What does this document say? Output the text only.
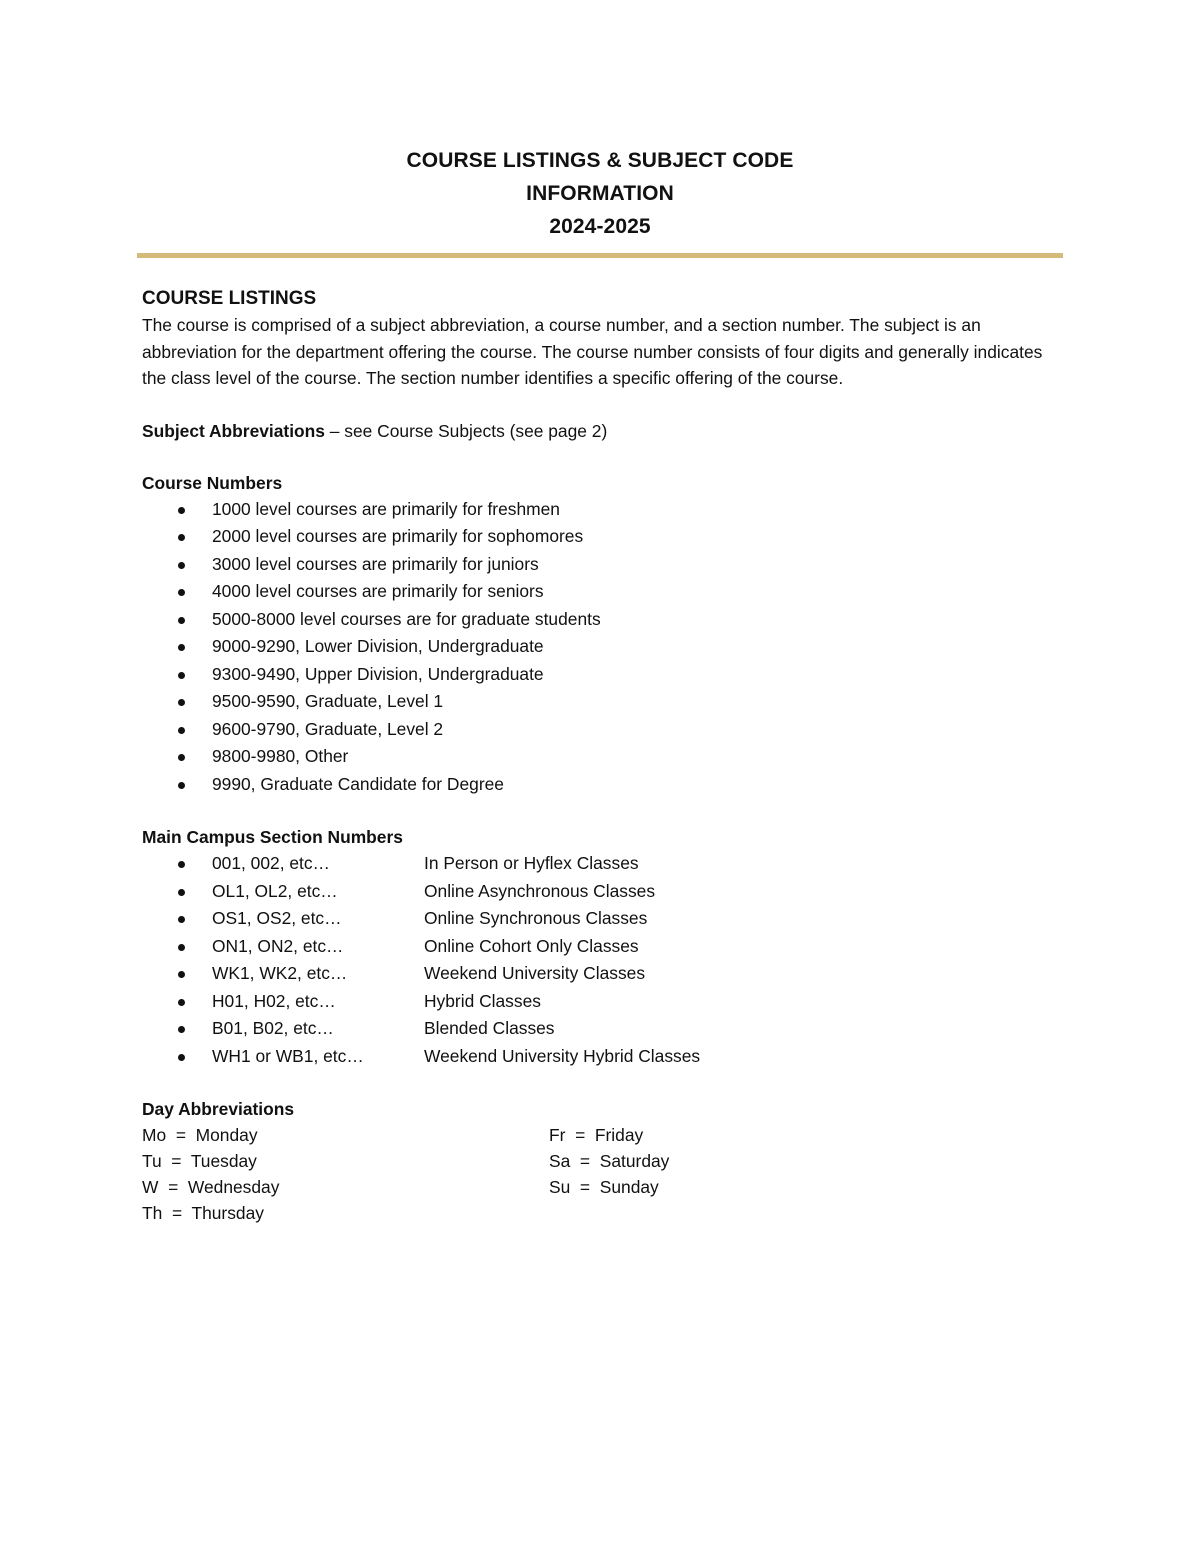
COURSE LISTINGS & SUBJECT CODE
INFORMATION
2024-2025

COURSE LISTINGS

The course is comprised of a subject abbreviation, a course number, and a section number. The subject is an abbreviation for the department offering the course. The course number consists of four digits and generally indicates the class level of the course. The section number identifies a specific offering of the course.

Subject Abbreviations – see Course Subjects (see page 2)

Course Numbers

1000 level courses are primarily for freshmen
2000 level courses are primarily for sophomores
3000 level courses are primarily for juniors
4000 level courses are primarily for seniors
5000-8000 level courses are for graduate students
9000-9290, Lower Division, Undergraduate
9300-9490, Upper Division, Undergraduate
9500-9590, Graduate, Level 1
9600-9790, Graduate, Level 2
9800-9980, Other
9990, Graduate Candidate for Degree

Main Campus Section Numbers

001, 002, etc…	In Person or Hyflex Classes
OL1, OL2, etc…	Online Asynchronous Classes
OS1, OS2, etc…	Online Synchronous Classes
ON1, ON2, etc…	Online Cohort Only Classes
WK1, WK2, etc…	Weekend University Classes
H01, H02, etc…	Hybrid Classes
B01, B02, etc…	Blended Classes
WH1 or WB1, etc…	Weekend University Hybrid Classes

Day Abbreviations

Mo  =  Monday
Tu  =  Tuesday
W  =  Wednesday
Th  =  Thursday
Fr  =  Friday
Sa  =  Saturday
Su  =  Sunday
